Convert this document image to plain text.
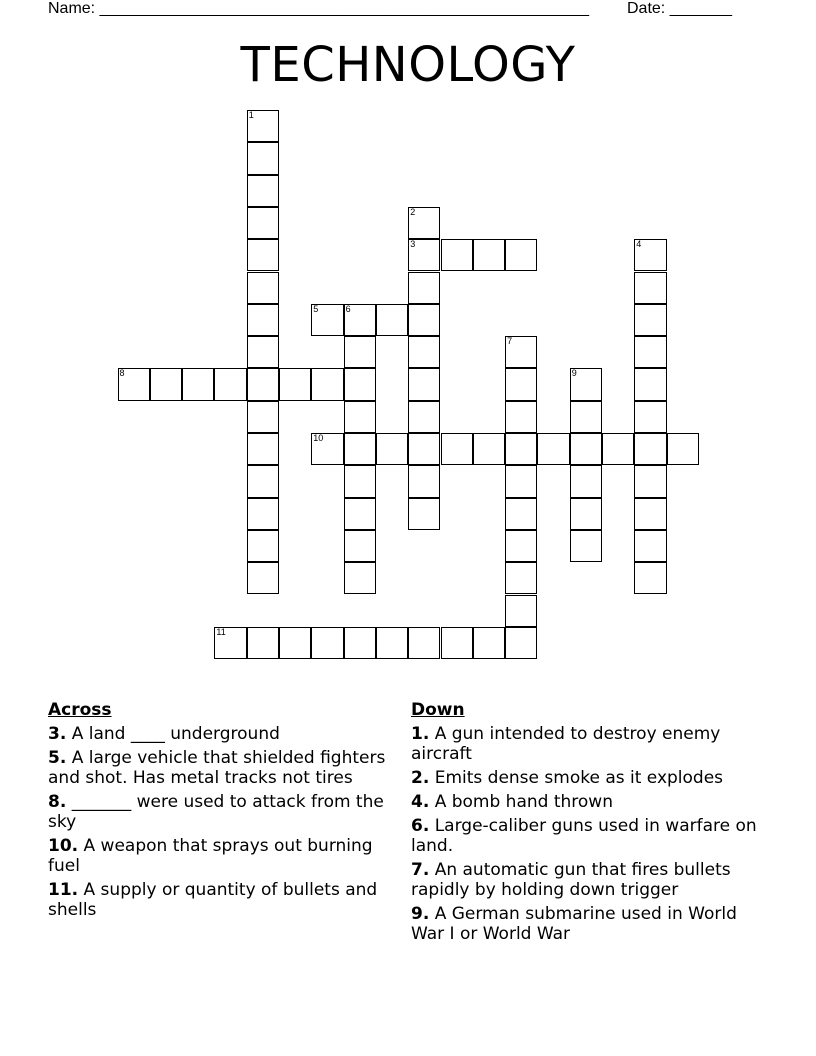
Name: _______________________________________________________ Date: _______
TECHNOLOGY
1
2
3	4
5	6
7
8	9
10
11
Across
3. A land ____ underground
5. A large vehicle that shielded fighters and shot. Has metal tracks not tires
8. _______ were used to attack from the sky
10. A weapon that sprays out burning fuel
11. A supply or quantity of bullets and shells
Down
1. A gun intended to destroy enemy aircraft
2. Emits dense smoke as it explodes
4. A bomb hand thrown
6. Large-caliber guns used in warfare on land.
7. An automatic gun that fires bullets rapidly by holding down trigger
9. A German submarine used in World War I or World War
